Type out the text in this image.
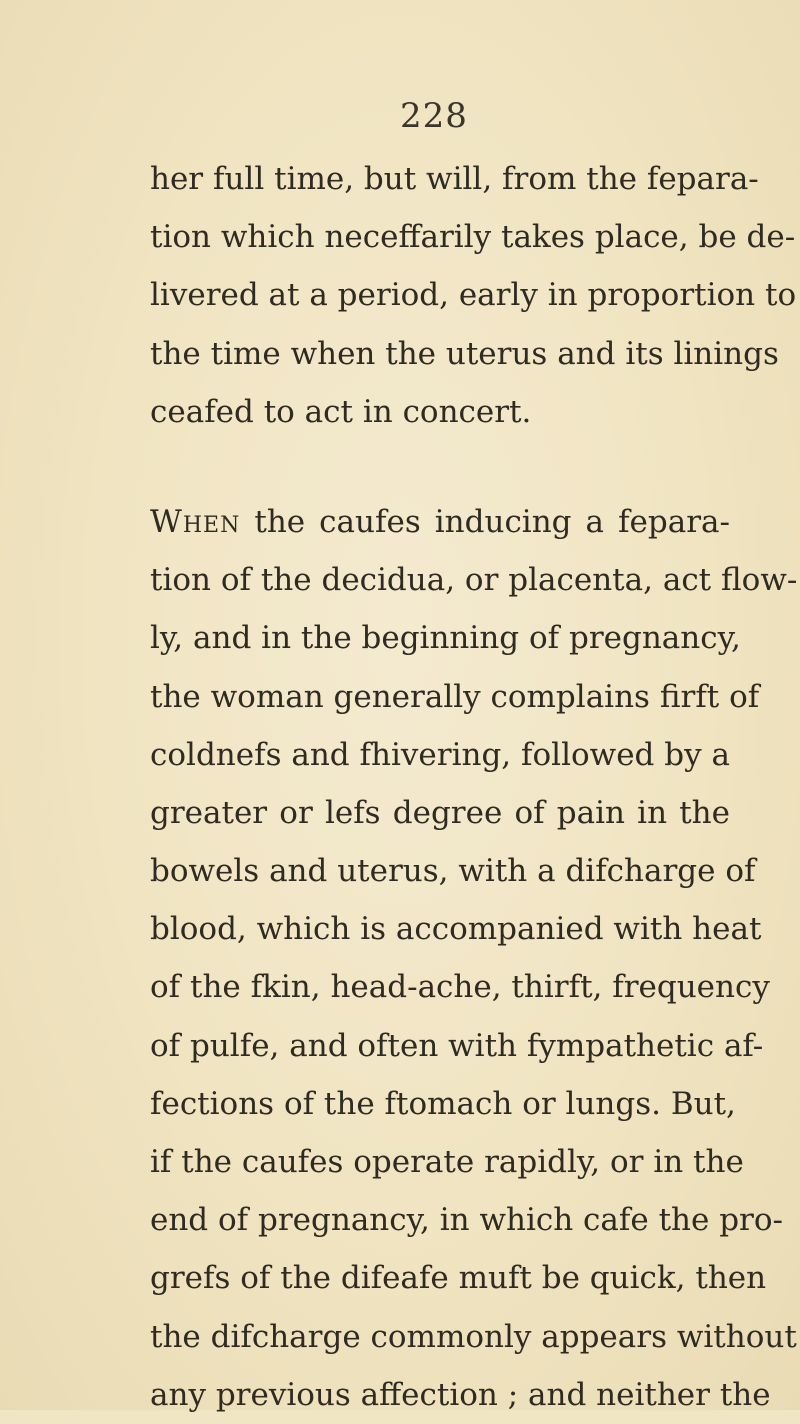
228
her full time, but will, from the fepara-
tion which neceffarily takes place, be de-
livered at a period, early in proportion to
the time when the uterus and its linings
ceafed to act in concert.
When the caufes inducing a fepara-
tion of the decidua, or placenta, act flow-
ly, and in the beginning of pregnancy,
the woman generally complains firft of
coldnefs and fhivering, followed by a
greater or lefs degree of pain in the
bowels and uterus, with a difcharge of
blood, which is accompanied with heat
of the fkin, head-ache, thirft, frequency
of pulfe, and often with fympathetic af-
fections of the ftomach or lungs. But,
if the caufes operate rapidly, or in the
end of pregnancy, in which cafe the pro-
grefs of the difeafe muft be quick, then
the difcharge commonly appears without
any previous affection ; and neither the
